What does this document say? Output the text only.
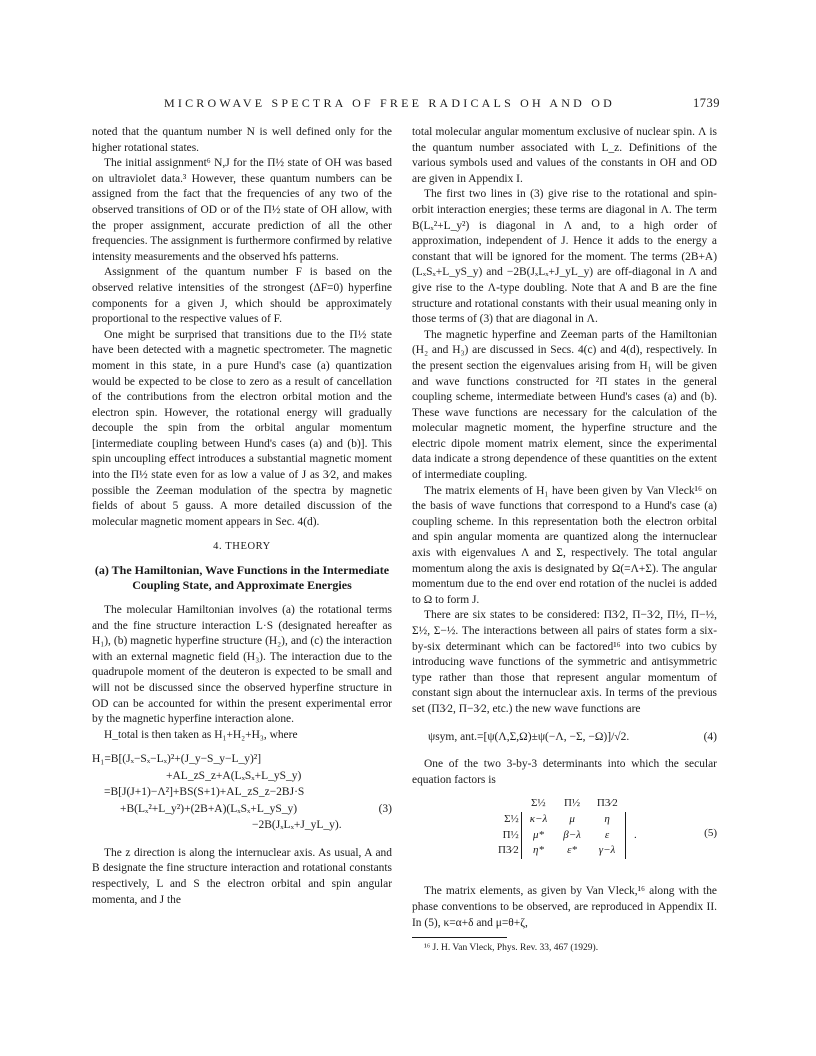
MICROWAVE SPECTRA OF FREE RADICALS OH AND OD	1739

noted that the quantum number N is well defined only for the higher rotational states.

The initial assignment⁶ N,J for the Π½ state of OH was based on ultraviolet data.³ However, these quantum numbers can be assigned from the fact that the frequencies of any two of the observed transitions of OD or of the Π½ state of OH allow, with the proper assignment, accurate prediction of all the other frequencies. The assignment is furthermore confirmed by relative intensity measurements and the observed hfs patterns.

Assignment of the quantum number F is based on the observed relative intensities of the strongest (ΔF=0) hyperfine components for a given J, which should be approximately proportional to the respective values of F.

One might be surprised that transitions due to the Π½ state have been detected with a magnetic spectrometer. The magnetic moment in this state, in a pure Hund's case (a) quantization would be expected to be close to zero as a result of cancellation of the contributions from the electron orbital motion and the electron spin. However, the rotational energy will gradually decouple the spin from the orbital angular momentum [intermediate coupling between Hund's cases (a) and (b)]. This spin uncoupling effect introduces a substantial magnetic moment into the Π½ state even for as low a value of J as 3⁄2, and makes possible the Zeeman modulation of the spectra by magnetic fields of about 5 gauss. A more detailed discussion of the molecular magnetic moment appears in Sec. 4(d).

4. THEORY
(a) The Hamiltonian, Wave Functions in the Intermediate Coupling State, and Approximate Energies

The molecular Hamiltonian involves (a) the rotational terms and the fine structure interaction L·S (designated hereafter as H₁), (b) magnetic hyperfine structure (H₂), and (c) the interaction with an external magnetic field (H₃). The interaction due to the quadrupole moment of the deuteron is expected to be small and will not be discussed since the observed hyperfine structure in OD can be accounted for within the present experimental error by the magnetic hyperfine interaction alone.

H_total is then taken as H₁+H₂+H₃, where

H₁=B[(Jₓ−Sₓ−Lₓ)²+(J_y−S_y−L_y)²]
+AL_zS_z+A(LₓSₓ+L_yS_y)
=B[J(J+1)−Λ²]+BS(S+1)+AL_zS_z−2BJ·S
+B(Lₓ²+L_y²)+(2B+A)(LₓSₓ+L_yS_y)
−2B(JₓLₓ+J_yL_y).
(3)

The z direction is along the internuclear axis. As usual, A and B designate the fine structure interaction and rotational constants respectively, L and S the electron orbital and spin angular momenta, and J the

total molecular angular momentum exclusive of nuclear spin. Λ is the quantum number associated with L_z. Definitions of the various symbols used and values of the constants in OH and OD are given in Appendix I.

The first two lines in (3) give rise to the rotational and spin-orbit interaction energies; these terms are diagonal in Λ. The term B(Lₓ²+L_y²) is diagonal in Λ and, to a high order of approximation, independent of J. Hence it adds to the energy a constant that will be ignored for the moment. The terms (2B+A)(LₓSₓ+L_yS_y) and −2B(JₓLₓ+J_yL_y) are off-diagonal in Λ and give rise to the Λ-type doubling. Note that A and B are the fine structure and rotational constants with their usual meaning only in those terms of (3) that are diagonal in Λ.

The magnetic hyperfine and Zeeman parts of the Hamiltonian (H₂ and H₃) are discussed in Secs. 4(c) and 4(d), respectively. In the present section the eigenvalues arising from H₁ will be given and wave functions constructed for ²Π states in the general coupling scheme, intermediate between Hund's cases (a) and (b). These wave functions are necessary for the calculation of the molecular magnetic moment, the hyperfine structure and the electric dipole moment matrix element, since the experimental data indicate a strong dependence of these quantities on the extent of intermediate coupling.

The matrix elements of H₁ have been given by Van Vleck¹⁶ on the basis of wave functions that correspond to a Hund's case (a) coupling scheme. In this representation both the electron orbital and spin angular momenta are quantized along the internuclear axis with eigenvalues Λ and Σ, respectively. The total angular momentum along the axis is designated by Ω(=Λ+Σ). The angular momentum due to the end over end rotation of the nuclei is added to Ω to form J.

There are six states to be considered: Π3⁄2, Π−3⁄2, Π½, Π−½, Σ½, Σ−½. The interactions between all pairs of states form a six-by-six determinant which can be factored¹⁶ into two cubics by introducing wave functions of the symmetric and antisymmetric type rather than those that represent angular momentum of constant sign about the internuclear axis. In terms of the previous set (Π3⁄2, Π−3⁄2, etc.) the new wave functions are

ψsym, ant.=[ψ(Λ,Σ,Ω)±ψ(−Λ, −Σ, −Ω)]/√2.	(4)

One of the two 3-by-3 determinants into which the secular equation factors is

	Σ½	Π½	Π3⁄2	
Σ½	κ−λ	μ	η	
Π½	μ*	β−λ	ε	.
Π3⁄2	η*	ε*	γ−λ	
(5)

The matrix elements, as given by Van Vleck,¹⁶ along with the phase conventions to be observed, are reproduced in Appendix II. In (5), κ=α+δ and μ=θ+ζ,

¹⁶ J. H. Van Vleck, Phys. Rev. 33, 467 (1929).
